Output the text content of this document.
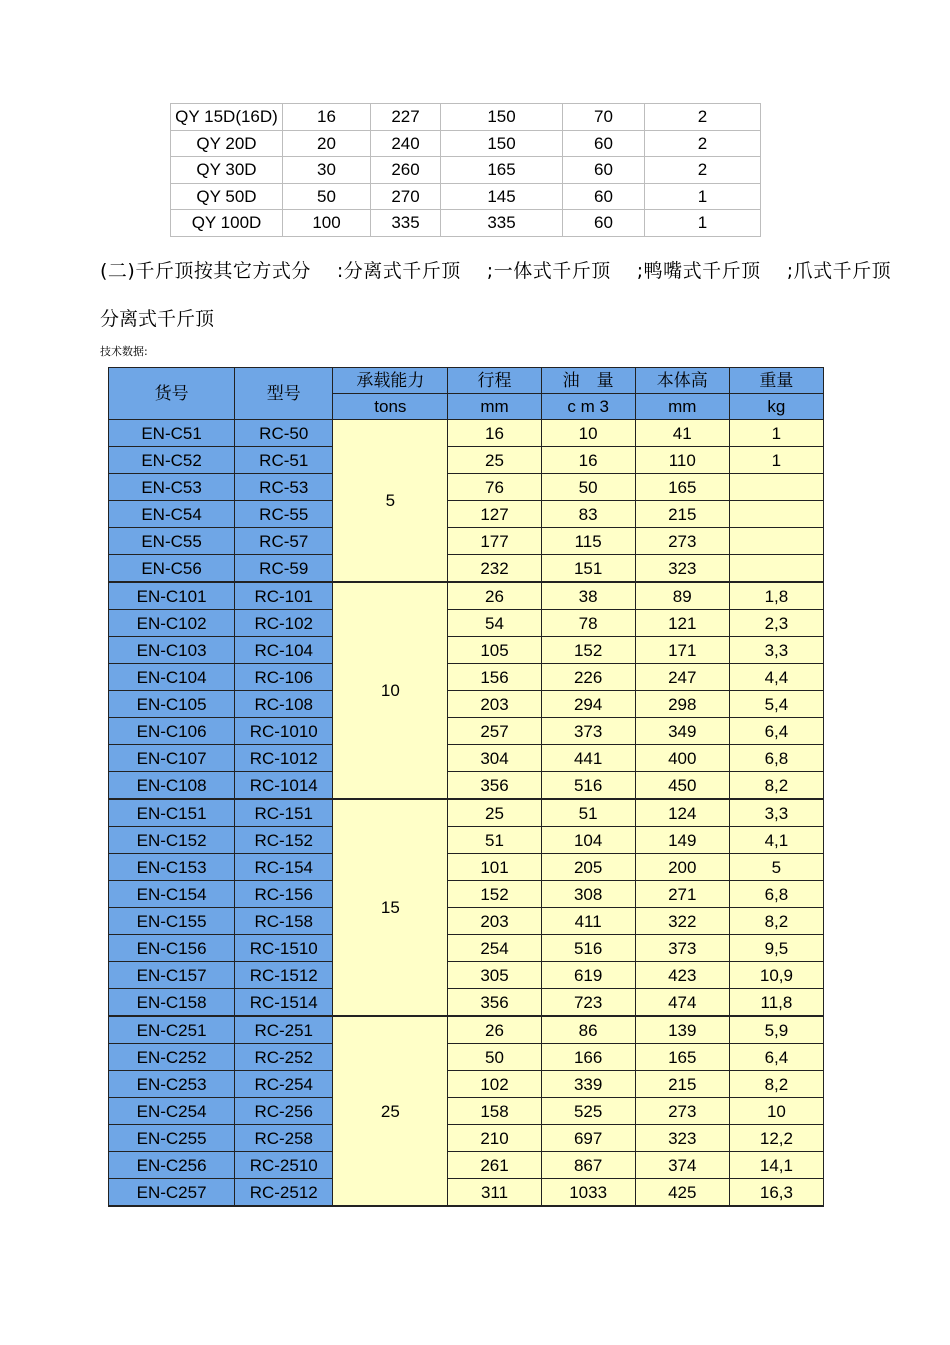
QY 15D(16D)	16	227	150	70	2
QY 20D	20	240	150	60	2
QY 30D	30	260	165	60	2
QY 50D	50	270	145	60	1
QY 100D	100	335	335	60	1
(二)千斤顶按其它方式分 　:分离式千斤顶 　;一体式千斤顶 　;鸭嘴式千斤顶 　;爪式千斤顶
分离式千斤顶
技术数据:
货号	型号	承载能力	行程	油　量	本体高	重量
		tons	mm	c m 3	mm	kg
EN-C51	RC-50	5	16	10	41	1
EN-C52	RC-51		25	16	110	1
EN-C53	RC-53		76	50	165	
EN-C54	RC-55		127	83	215	
EN-C55	RC-57		177	115	273	
EN-C56	RC-59		232	151	323	
EN-C101	RC-101	10	26	38	89	1,8
EN-C102	RC-102		54	78	121	2,3
EN-C103	RC-104		105	152	171	3,3
EN-C104	RC-106		156	226	247	4,4
EN-C105	RC-108		203	294	298	5,4
EN-C106	RC-1010		257	373	349	6,4
EN-C107	RC-1012		304	441	400	6,8
EN-C108	RC-1014		356	516	450	8,2
EN-C151	RC-151	15	25	51	124	3,3
EN-C152	RC-152		51	104	149	4,1
EN-C153	RC-154		101	205	200	5
EN-C154	RC-156		152	308	271	6,8
EN-C155	RC-158		203	411	322	8,2
EN-C156	RC-1510		254	516	373	9,5
EN-C157	RC-1512		305	619	423	10,9
EN-C158	RC-1514		356	723	474	11,8
EN-C251	RC-251	25	26	86	139	5,9
EN-C252	RC-252		50	166	165	6,4
EN-C253	RC-254		102	339	215	8,2
EN-C254	RC-256		158	525	273	10
EN-C255	RC-258		210	697	323	12,2
EN-C256	RC-2510		261	867	374	14,1
EN-C257	RC-2512		311	1033	425	16,3
